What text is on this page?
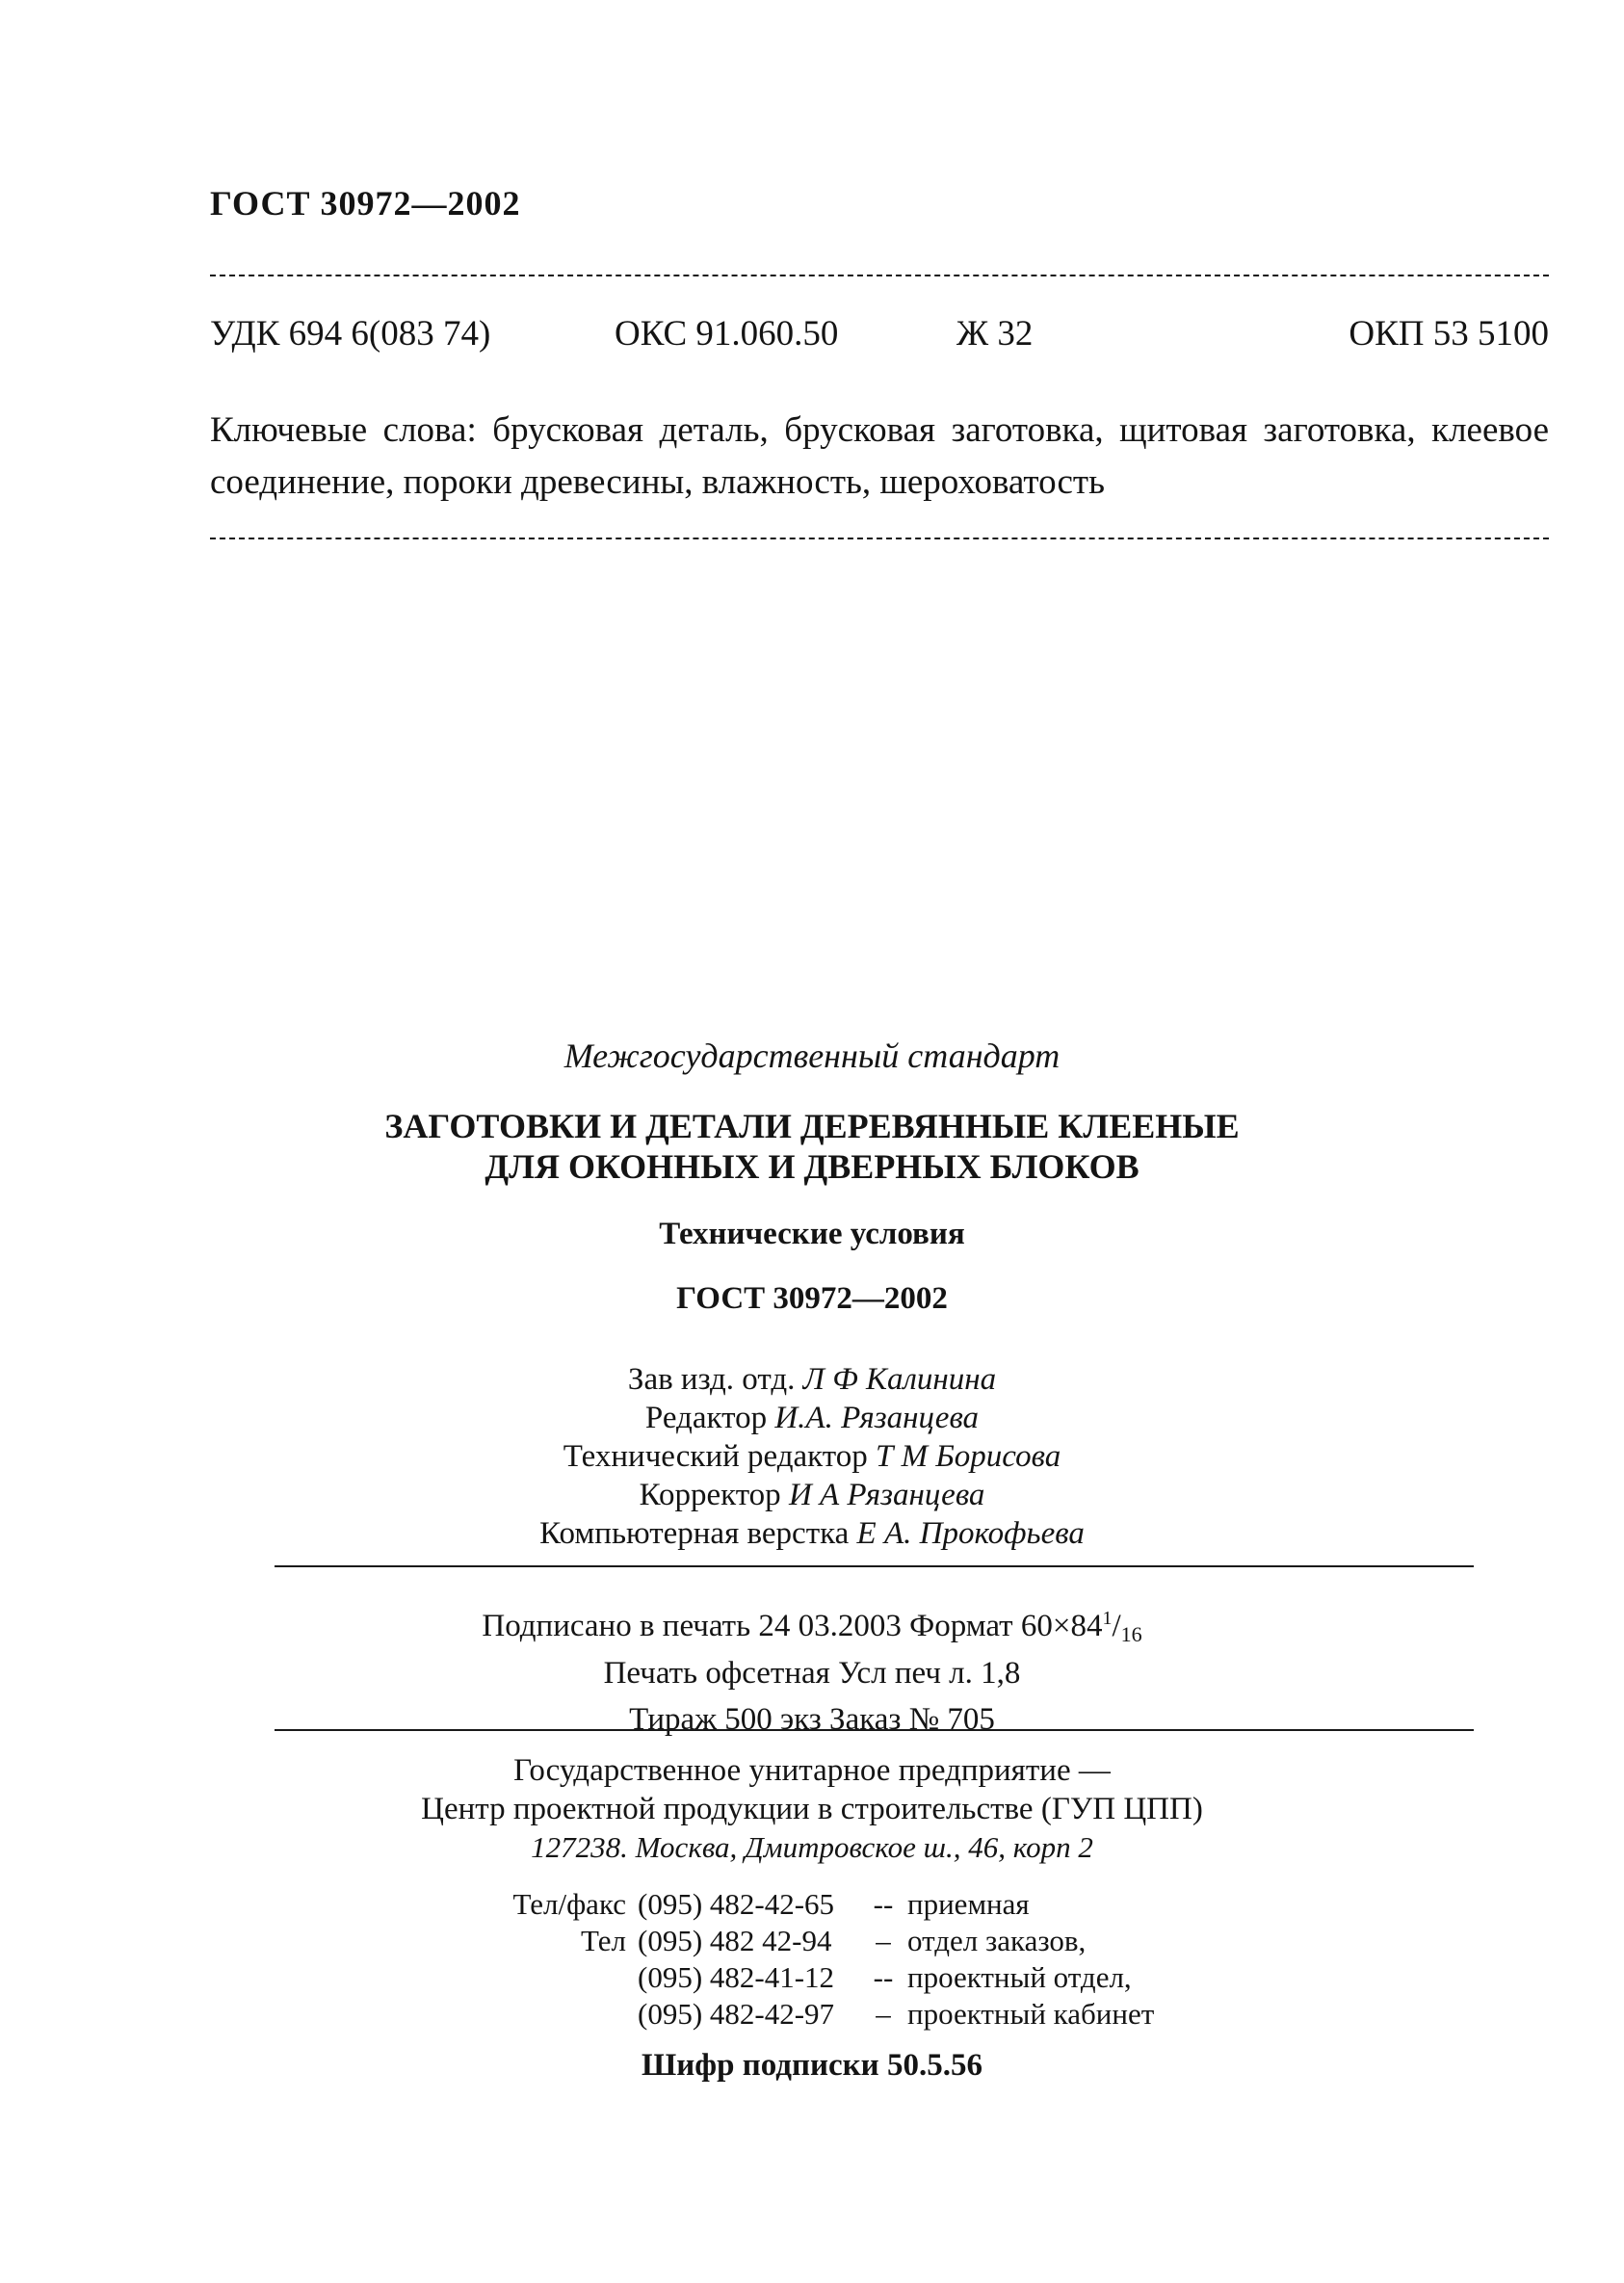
ГОСТ 30972—2002
УДК 694 6(083 74)	ОКС 91.060.50	Ж 32	ОКП 53 5100
Ключевые слова: брусковая деталь, брусковая заготовка, щитовая заготовка, клеевое соединение, пороки древесины, влажность, шероховатость
Межгосударственный стандарт
ЗАГОТОВКИ И ДЕТАЛИ ДЕРЕВЯННЫЕ КЛЕЕНЫЕ
ДЛЯ ОКОННЫХ И ДВЕРНЫХ БЛОКОВ
Технические условия
ГОСТ 30972—2002
Зав изд. отд. Л Ф Калинина
Редактор И.А. Рязанцева
Технический редактор Т М Борисова
Корректор И А Рязанцева
Компьютерная верстка Е А. Прокофьева
Подписано в печать 24 03.2003 Формат $60\times 84^1/_{16}$
Печать офсетная Усл печ л. 1,8
Тираж 500 экз Заказ № 705
Государственное унитарное предприятие —
Центр проектной продукции в строительстве (ГУП ЦПП)
127238. Москва, Дмитровское ш., 46, корп 2
Тел/факс (095) 482-42-65	-- приемная
Тел (095) 482 42-94	– отдел заказов,
(095) 482-41-12	-- проектный отдел,
(095) 482-42-97	– проектный кабинет
Шифр подписки 50.5.56
